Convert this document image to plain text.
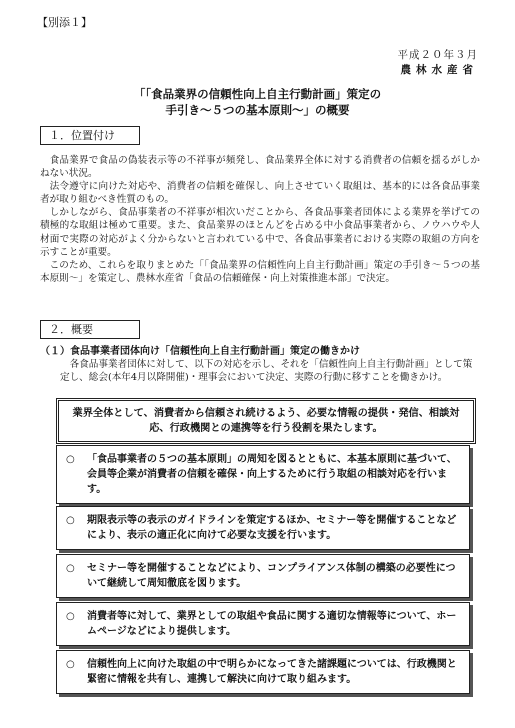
【別添１】
平成２０年３月
農林水産省
「「食品業界の信頼性向上自主行動計画」策定の
手引き～５つの基本原則～」の概要
１．位置付け

食品業界で食品の偽装表示等の不祥事が頻発し、食品業界全体に対する消費者の信頼を揺るがしかねない状況。

法令遵守に向けた対応や、消費者の信頼を確保し、向上させていく取組は、基本的には各食品事業者が取り組むべき性質のもの。

しかしながら、食品事業者の不祥事が相次いだことから、各食品事業者団体による業界を挙げての積極的な取組は極めて重要。また、食品業界のほとんどを占める中小食品事業者から、ノウハウや人材面で実際の対応がよく分からないと言われている中で、各食品事業者における実際の取組の方向を示すことが重要。

このため、これらを取りまとめた「「食品業界の信頼性向上自主行動計画」策定の手引き～５つの基本原則～」を策定し、農林水産省「食品の信頼確保・向上対策推進本部」で決定。

２．概要
（１）食品事業者団体向け「信頼性向上自主行動計画」策定の働きかけ
各食品事業者団体に対して、以下の対応を示し、それを「信頼性向上自主行動計画」として策定し、総会(本年4月以降開催)・理事会において決定、実際の行動に移すことを働きかけ。
業界全体として、消費者から信頼され続けるよう、必要な情報の提供・発信、相談対応、行政機関との連携等を行う役割を果たします。
○ 「食品事業者の５つの基本原則」の周知を図るとともに、本基本原則に基づいて、会員等企業が消費者の信頼を確保・向上するために行う取組の相談対応を行います。
○ 期限表示等の表示のガイドラインを策定するほか、セミナー等を開催することなどにより、表示の適正化に向けて必要な支援を行います。
○ セミナー等を開催することなどにより、コンプライアンス体制の構築の必要性について継続して周知徹底を図ります。
○ 消費者等に対して、業界としての取組や食品に関する適切な情報等について、ホームページなどにより提供します。
○ 信頼性向上に向けた取組の中で明らかになってきた諸課題については、行政機関と緊密に情報を共有し、連携して解決に向けて取り組みます。
